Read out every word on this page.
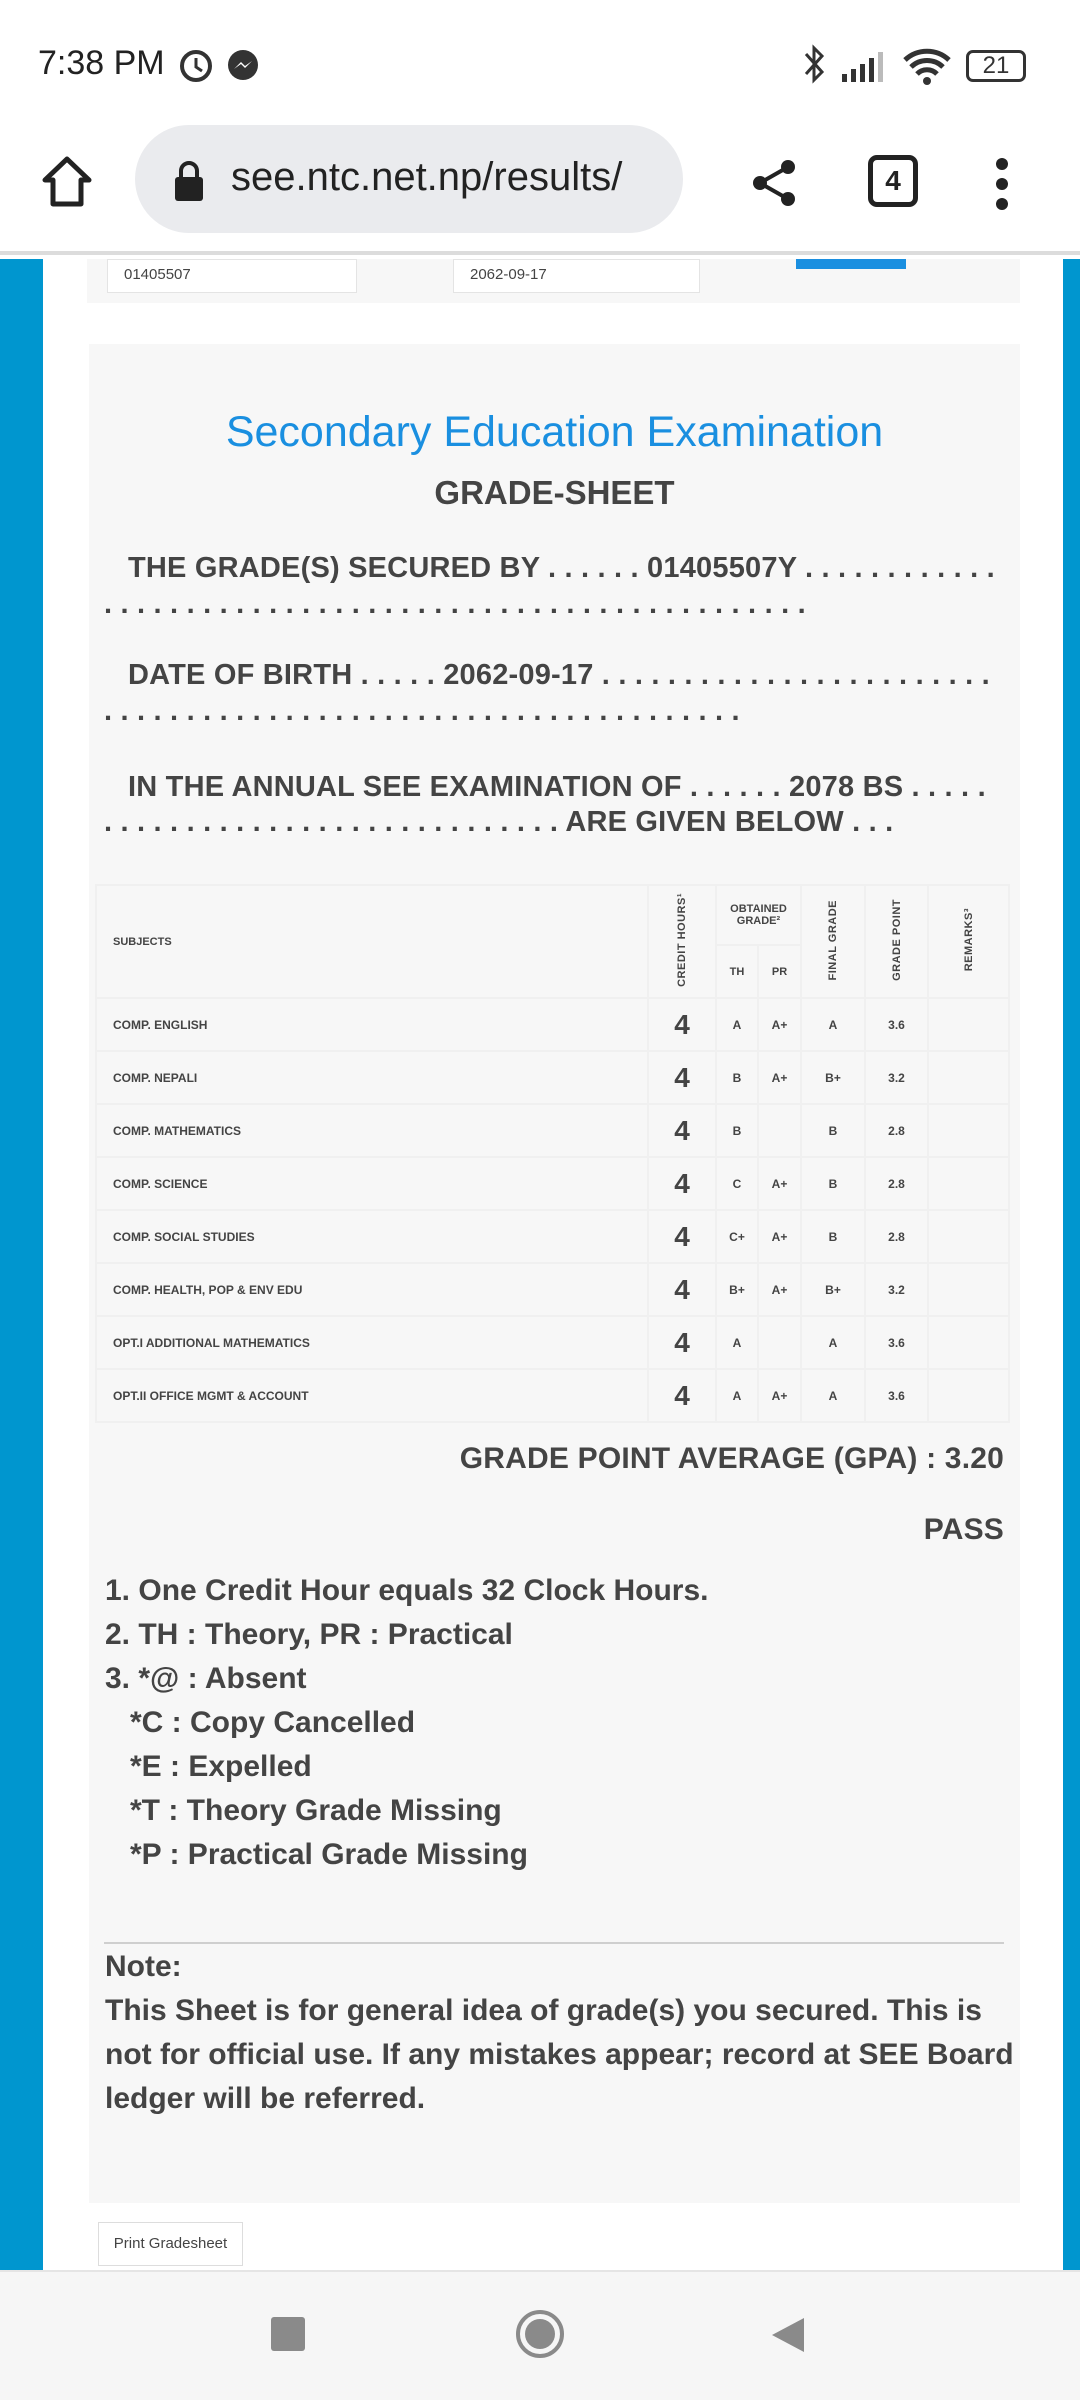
7:38 PM	21
see.ntc.net.np/results/	4
01405507	2062-09-17
Secondary Education Examination
GRADE-SHEET
THE GRADE(S) SECURED BY . . . . . . 01405507Y . . . . . . . . . . . .
. . . . . . . . . . . . . . . . . . . . . . . . . . . . . . . . . . . . . . . . . . .
DATE OF BIRTH . . . . . 2062-09-17 . . . . . . . . . . . . . . . . . . . . . . . .
. . . . . . . . . . . . . . . . . . . . . . . . . . . . . . . . . . . . . . .
IN THE ANNUAL SEE EXAMINATION OF . . . . . . 2078 BS . . . . .
. . . . . . . . . . . . . . . . . . . . . . . . . . . . ARE GIVEN BELOW . . .
SUBJECTS	CREDIT HOURS¹	OBTAINED GRADE²		FINAL GRADE	GRADE POINT	REMARKS³
		TH	PR			
COMP. ENGLISH	4	A	A+	A	3.6	
COMP. NEPALI	4	B	A+	B+	3.2	
COMP. MATHEMATICS	4	B		B	2.8	
COMP. SCIENCE	4	C	A+	B	2.8	
COMP. SOCIAL STUDIES	4	C+	A+	B	2.8	
COMP. HEALTH, POP & ENV EDU	4	B+	A+	B+	3.2	
OPT.I ADDITIONAL MATHEMATICS	4	A		A	3.6	
OPT.II OFFICE MGMT & ACCOUNT	4	A	A+	A	3.6	
GRADE POINT AVERAGE (GPA) : 3.20
PASS
1. One Credit Hour equals 32 Clock Hours.
2. TH : Theory, PR : Practical
3. *@ : Absent
*C : Copy Cancelled
*E : Expelled
*T : Theory Grade Missing
*P : Practical Grade Missing
Note:
This Sheet is for general idea of grade(s) you secured. This is
not for official use. If any mistakes appear; record at SEE Board
ledger will be referred.
Print Gradesheet
